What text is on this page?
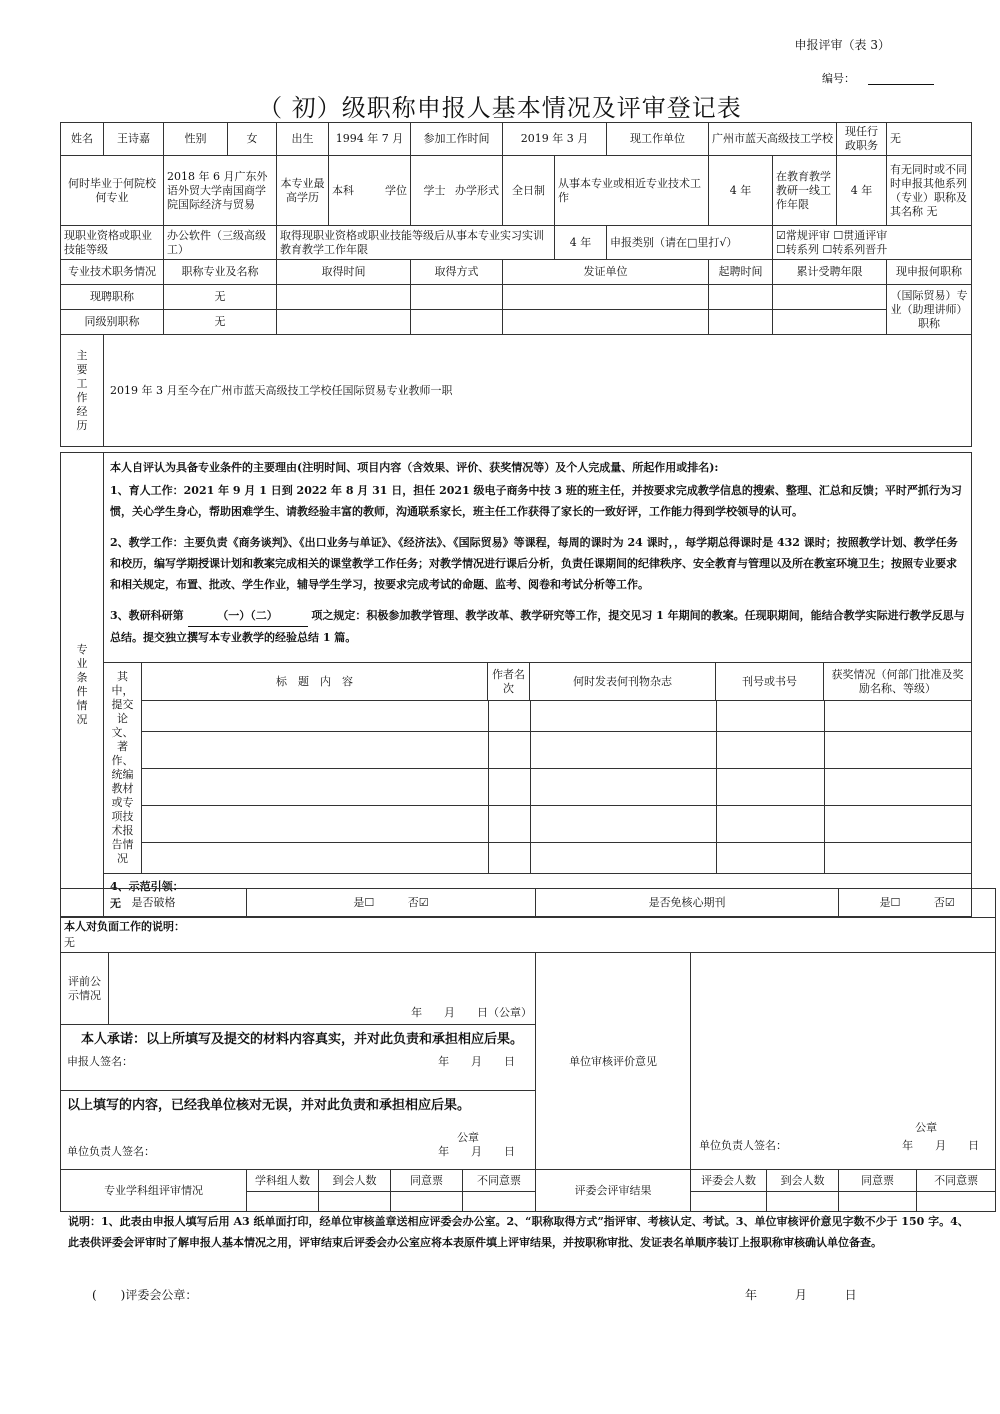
申报评审（表 3）
编号：
（ 初）级职称申报人基本情况及评审登记表
姓名	王诗嘉	性别	女	出生	1994 年 7 月	参加工作时间	2019 年 3 月		现工作单位	广州市蓝天高级技工学校		现任行政职务	无
何时毕业于何院校何专业		2018 年 6 月广东外语外贸大学南国商学院国际经济与贸易		本专业最高学历	本科 学位	学士 办学形式	全日制	从事本专业或相近专业技术工作		4 年	在教育教学教研一线工作年限	4 年	有无同时或不同时申报其他系列（专业）职称及其名称 无
现职业资格或职业技能等级		办公软件（三级高级工）		取得现职业资格或职业技能等级后从事本专业实习实训教育教学工作年限				4 年	申报类别（请在□里打√）		☑常规评审 ☐贯通评审
☐转系列 ☐转系列晋升		
专业技术职务情况		职称专业及名称		取得时间		取得方式	发证单位			起聘时间	累计受聘年限		现申报何职称
现聘职称		无											（国际贸易）专业（助理讲师）职称
同级别职称		无											
主要工作经历	2019 年 3 月至今在广州市蓝天高级技工学校任国际贸易专业教师一职												
专业条件情况	
本人自评认为具备专业条件的主要理由(注明时间、项目内容（含效果、评价、获奖情况等）及个人完成量、所起作用或排名):
1、育人工作：2021 年 9 月 1 日到 2022 年 8 月 31 日，担任 2021 级电子商务中技 3 班的班主任，并按要求完成教学信息的搜索、整理、汇总和反馈；平时严抓行为习惯，关心学生身心，帮助困难学生、请教经验丰富的教师，沟通联系家长，班主任工作获得了家长的一致好评，工作能力得到学校领导的认可。
2、教学工作：主要负责《商务谈判》、《出口业务与单证》、《经济法》、《国际贸易》等课程，每周的课时为 24 课时，，每学期总得课时是 432 课时；按照教学计划、教学任务和校历，编写学期授课计划和教案完成相关的课堂教学工作任务；对教学情况进行课后分析，负责任课期间的纪律秩序、安全教育与管理以及所在教室环境卫生；按照专业要求和相关规定，布置、批改、学生作业，辅导学生学习，按要求完成考试的命题、监考、阅卷和考试分析等工作。
3、教研科研第	（一）（二）	项之规定：积极参加教学管理、教学改革、教学研究等工作，提交见习 1 年期间的教案。任现职期间，能结合教学实际进行教学反思与总结。提交独立撰写本专业教学的经验总结 1 篇。

其中，提交论文、著作、统编教材或专项技术报告情况	标　题　内　容	作者名次	何时发表何刊物杂志	刊号或书号	获奖情况（何部门批准及奖励名称、等级）

4、示范引领：
无 是否破格		是☐ 否☑				是否免核心期刊			是☐ 否☑	
本人对负面工作的说明：
无										
评前公示情况	年　　月　　日（公章）					单位审核评价意见	公章
单位负责人签名： 年　　月　　日			

本人承诺：以上所填写及提交的材料内容真实，并对此负责和承担相应后果。
申报人签名： 年　　月　　日										

以上填写的内容，已经我单位核对无误，并对此负责和承担相应后果。
公章
单位负责人签名： 年　　月　　日										

专业学科组评审情况		学科组人数	到会人数	同意票	不同意票	评委会评审结果	评委会人数	到会人数	同意票	不同意票

说明：1、此表由申报人填写后用 A3 纸单面打印，经单位审核盖章送相应评委会办公室。2、“职称取得方式”指评审、考核认定、考试。3、单位审核评价意见字数不少于 150 字。4、此表供评委会评审时了解申报人基本情况之用，评审结束后评委会办公室应将本表原件填上评审结果，并按职称审批、发证表名单顺序装订上报职称审核确认单位备查。
(　　)评委会公章：	年 月 日
